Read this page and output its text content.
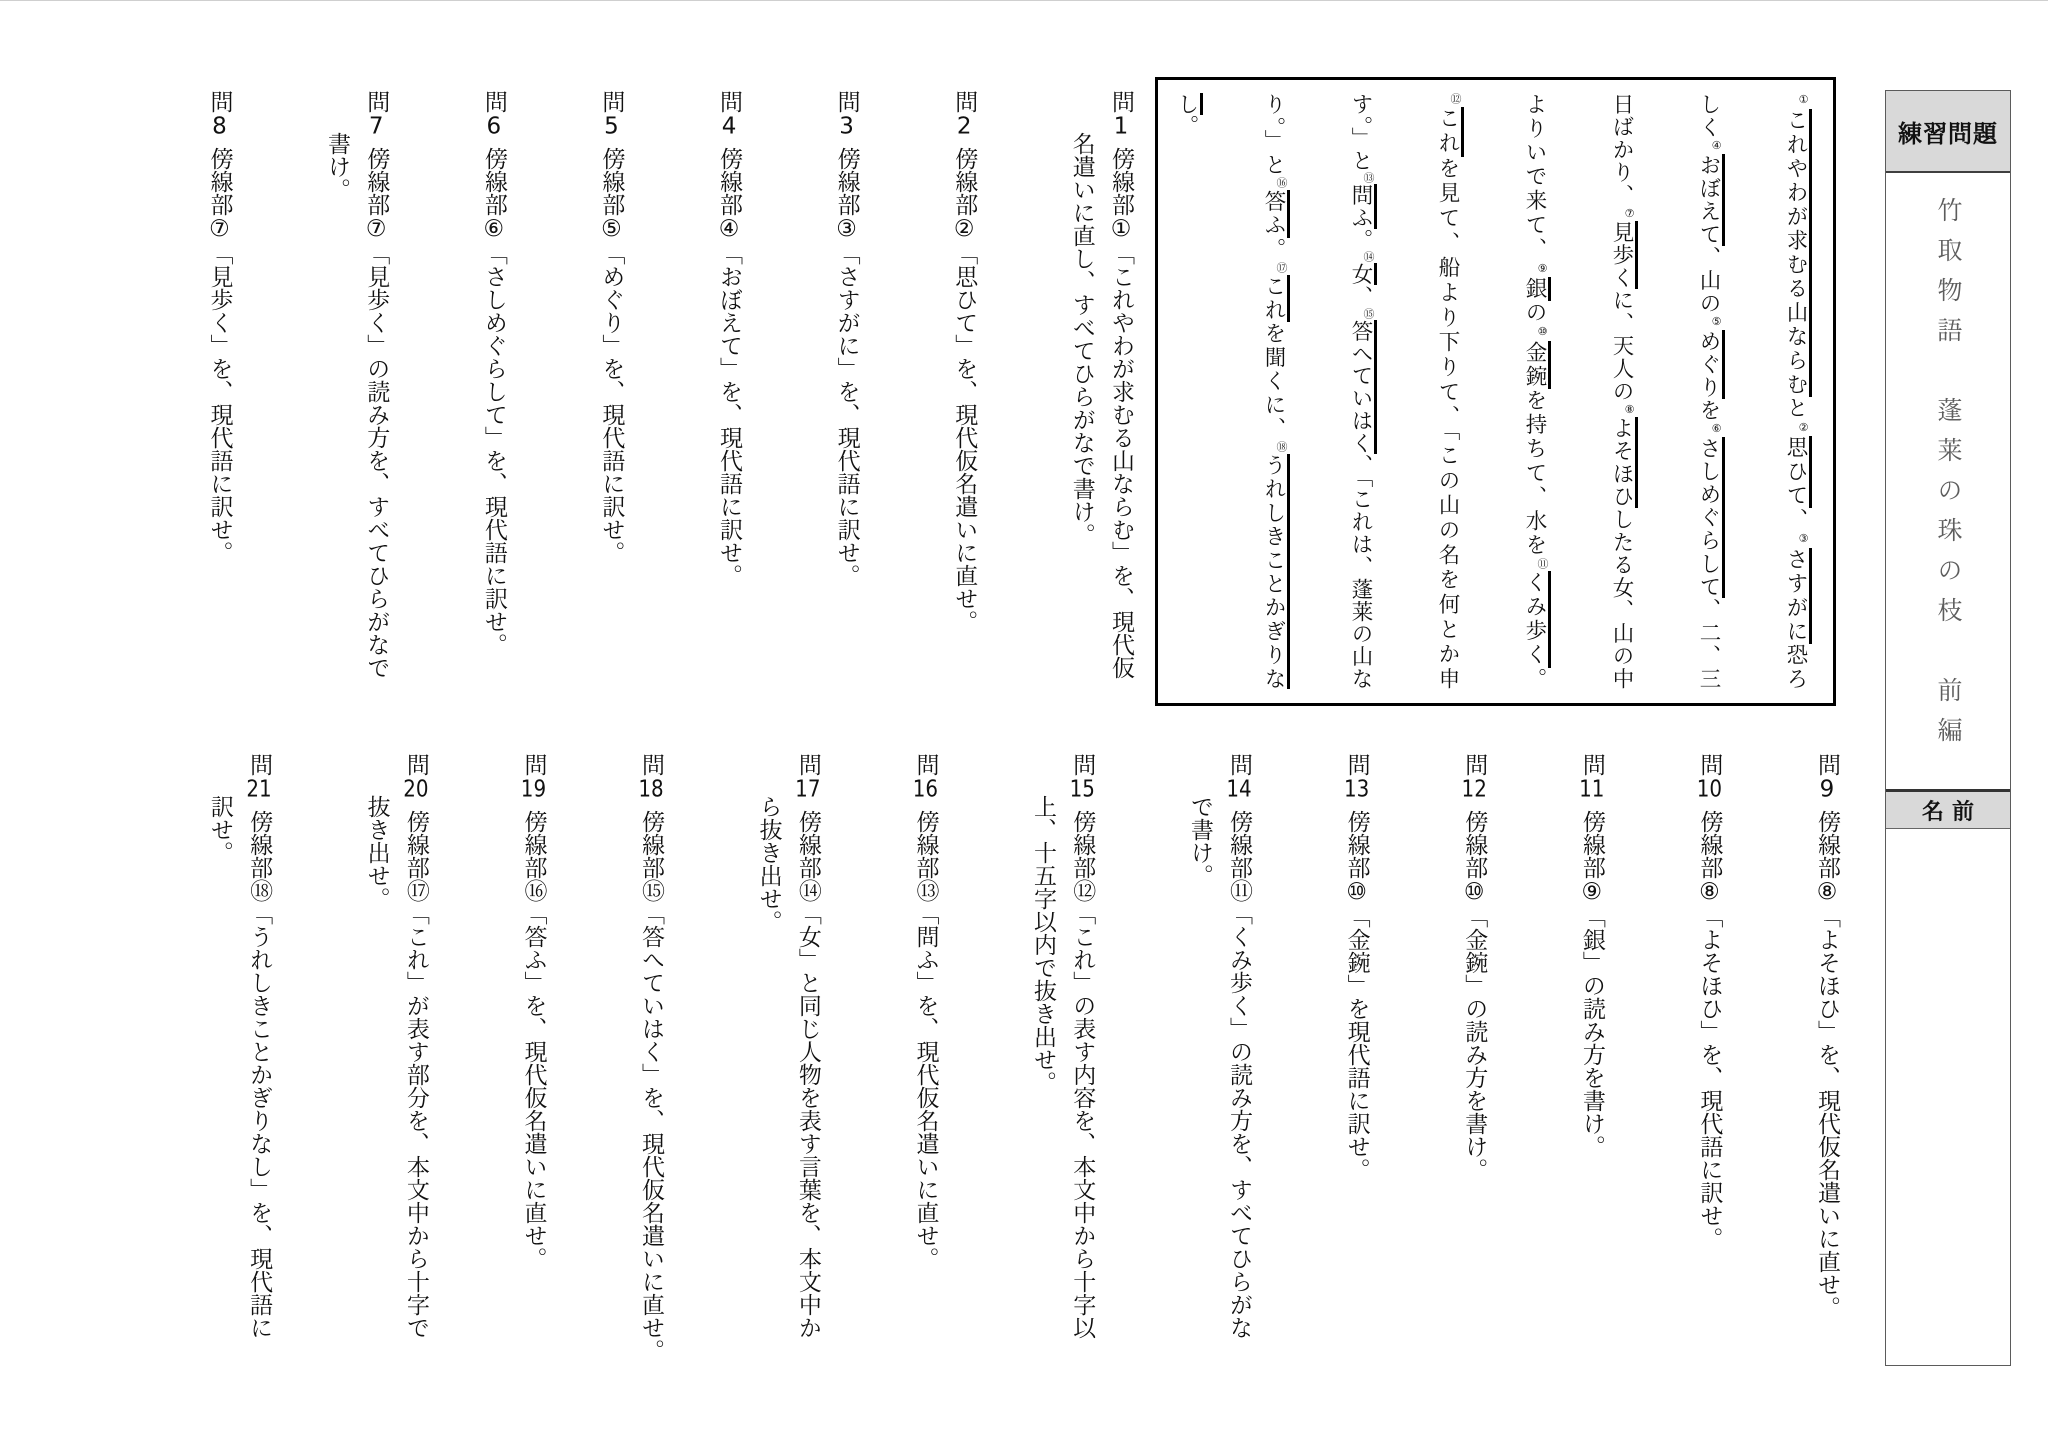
練習問題
竹取物語　蓬莱の珠の枝　前編
名前
①これやわが求むる山ならむと②思ひて、③さすがに恐ろ
しく④おぼえて、山の⑤めぐりを⑥さしめぐらして、二、三
日ばかり、⑦見歩くに、天人の⑧よそほひしたる女、山の中
よりいで来て、⑨銀の⑩金鋺を持ちて、水を⑪くみ歩く。
⑫これを見て、船より下りて、「この山の名を何とか申
す。」と⑬問ふ。⑭女、⑮答へていはく、「これは、蓬莱の山な
り。」と⑯答ふ。⑰これを聞くに、⑱うれしきことかぎりな
し。
問1傍線部①「これやわが求むる山ならむ」を、現代仮
名遣いに直し、すべてひらがなで書け。
問2傍線部②「思ひて」を、現代仮名遣いに直せ。
問3傍線部③「さすがに」を、現代語に訳せ。
問4傍線部④「おぼえて」を、現代語に訳せ。
問5傍線部⑤「めぐり」を、現代語に訳せ。
問6傍線部⑥「さしめぐらして」を、現代語に訳せ。
問7傍線部⑦「見歩く」の読み方を、すべてひらがなで
書け。
問8傍線部⑦「見歩く」を、現代語に訳せ。
問9傍線部⑧「よそほひ」を、現代仮名遣いに直せ。
問10傍線部⑧「よそほひ」を、現代語に訳せ。
問11傍線部⑨「銀」の読み方を書け。
問12傍線部⑩「金鋺」の読み方を書け。
問13傍線部⑩「金鋺」を現代語に訳せ。
問14傍線部⑪「くみ歩く」の読み方を、すべてひらがな
で書け。
問15傍線部⑫「これ」の表す内容を、本文中から十字以
上、十五字以内で抜き出せ。
問16傍線部⑬「問ふ」を、現代仮名遣いに直せ。
問17傍線部⑭「女」と同じ人物を表す言葉を、本文中か
ら抜き出せ。
問18傍線部⑮「答へていはく」を、現代仮名遣いに直せ。
問19傍線部⑯「答ふ」を、現代仮名遣いに直せ。
問20傍線部⑰「これ」が表す部分を、本文中から十字で
抜き出せ。
問21傍線部⑱「うれしきことかぎりなし」を、現代語に
訳せ。
